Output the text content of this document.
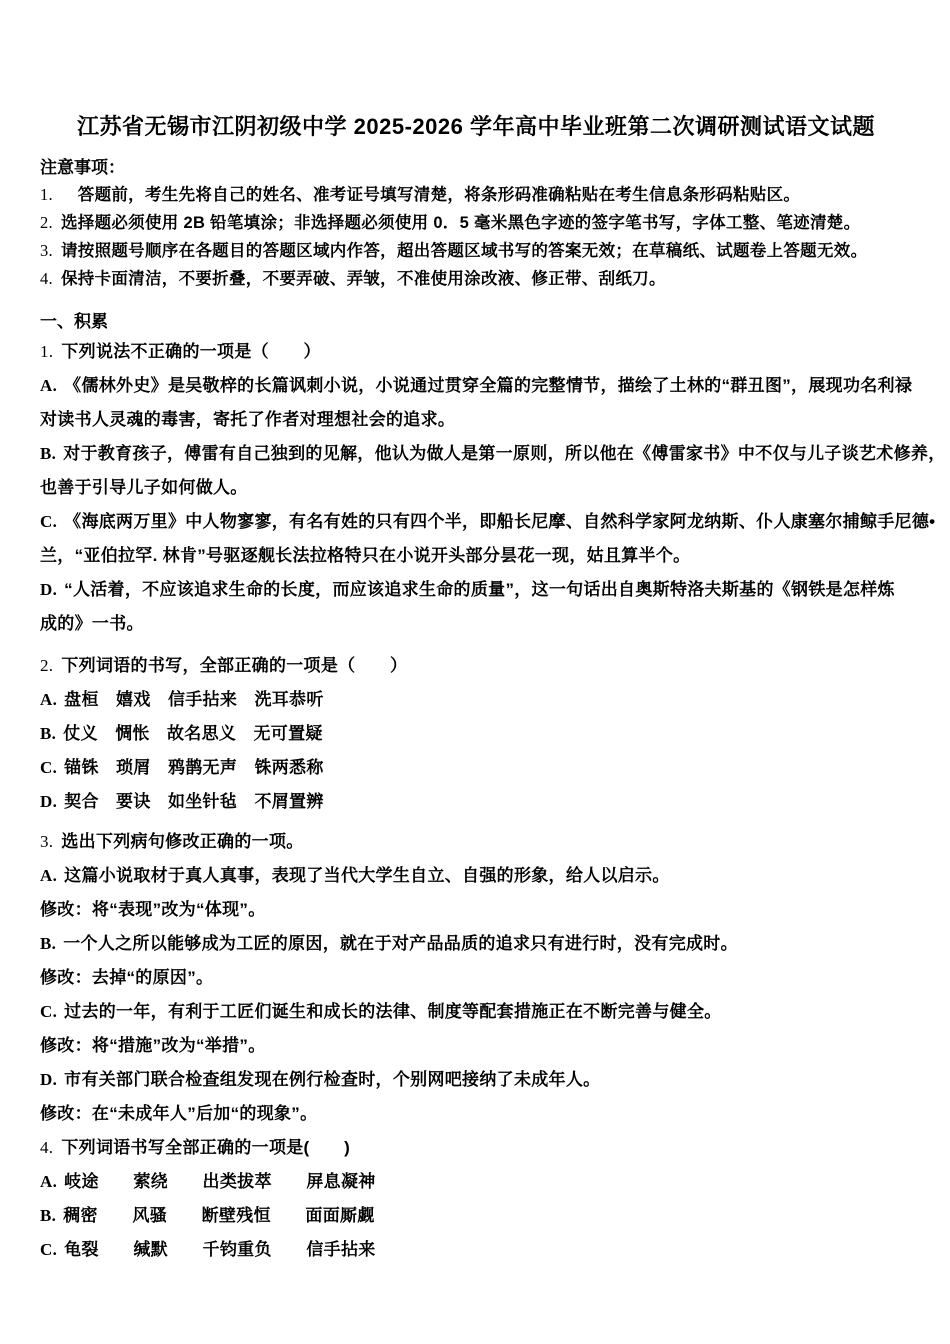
江苏省无锡市江阴初级中学 2025-2026 学年高中毕业班第二次调研测试语文试题
注意事项：
1.　答题前，考生先将自己的姓名、准考证号填写清楚，将条形码准确粘贴在考生信息条形码粘贴区。
2. 选择题必须使用 2B 铅笔填涂；非选择题必须使用 0．5 毫米黑色字迹的签字笔书写，字体工整、笔迹清楚。
3. 请按照题号顺序在各题目的答题区域内作答，超出答题区域书写的答案无效；在草稿纸、试题卷上答题无效。
4. 保持卡面清洁，不要折叠，不要弄破、弄皱，不准使用涂改液、修正带、刮纸刀。
一、积累
1. 下列说法不正确的一项是（　　）
A. 《儒林外史》是吴敬梓的长篇讽刺小说，小说通过贯穿全篇的完整情节，描绘了土林的“群丑图”，展现功名利禄
对读书人灵魂的毒害，寄托了作者对理想社会的追求。
B. 对于教育孩子，傅雷有自己独到的见解，他认为做人是第一原则，所以他在《傅雷家书》中不仅与儿子谈艺术修养，
也善于引导儿子如何做人。
C. 《海底两万里》中人物寥寥，有名有姓的只有四个半，即船长尼摩、自然科学家阿龙纳斯、仆人康塞尔捕鲸手尼德•
兰，“亚伯拉罕. 林肯”号驱逐舰长法拉格特只在小说开头部分昙花一现，姑且算半个。
D. “人活着，不应该追求生命的长度，而应该追求生命的质量”，这一句话出自奥斯特洛夫斯基的《钢铁是怎样炼
成的》一书。
2. 下列词语的书写，全部正确的一项是（　　）
A. 盘桓　嬉戏　信手拈来　洗耳恭听
B. 仗义　惆怅　故名思义　无可置疑
C. 锚铢　琐屑　鸦鹊无声　铢两悉称
D. 契合　要诀　如坐针毡　不屑置辨
3. 选出下列病句修改正确的一项。
A. 这篇小说取材于真人真事，表现了当代大学生自立、自强的形象，给人以启示。
修改：将“表现”改为“体现”。
B. 一个人之所以能够成为工匠的原因，就在于对产品品质的追求只有进行时，没有完成时。
修改：去掉“的原因”。
C. 过去的一年，有利于工匠们诞生和成长的法律、制度等配套措施正在不断完善与健全。
修改：将“措施”改为“举措”。
D. 市有关部门联合检查组发现在例行检查时，个别网吧接纳了未成年人。
修改：在“未成年人”后加“的现象”。
4. 下列词语书写全部正确的一项是(　　)
A. 岐途　　萦绕　　出类拔萃　　屏息凝神
B. 稠密　　风骚　　断壁残恒　　面面厮觑
C. 龟裂　　缄默　　千钧重负　　信手拈来
